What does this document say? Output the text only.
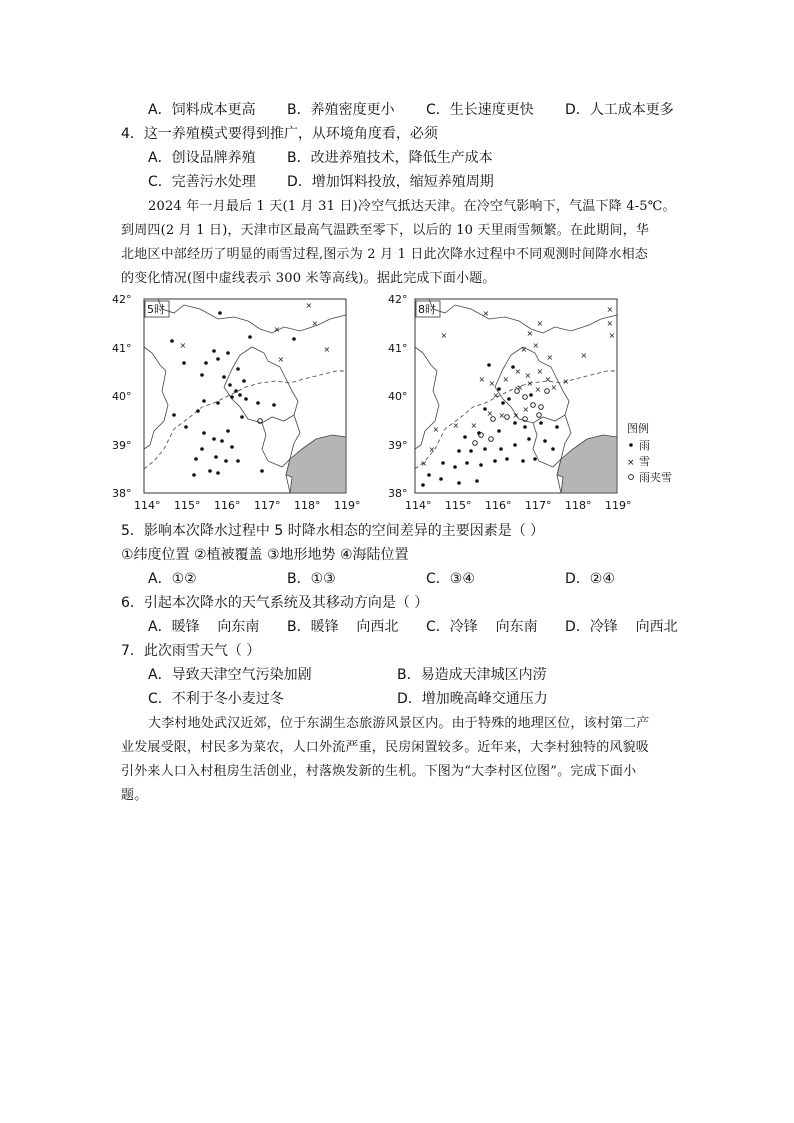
A．饲料成本更高 B．养殖密度更小 C．生长速度更快 D．人工成本更多
4．这一养殖模式要得到推广，从环境角度看，必须
A．创设品牌养殖 B．改进养殖技术，降低生产成本
C．完善污水处理 D．增加饵料投放，缩短养殖周期
2024 年一月最后 1 天(1 月 31 日)冷空气抵达天津。在冷空气影响下，气温下降 4-5℃。
到周四(2 月 1 日)，天津市区最高气温跌至零下，以后的 10 天里雨雪频繁。在此期间，华
北地区中部经历了明显的雨雪过程,图示为 2 月 1 日此次降水过程中不同观测时间降水相态
的变化情况(图中虚线表示 300 米等高线)。据此完成下面小题。
5时
×
×
×
×
×
×
8时	×
×
× ×
×	×
×
×
×
×
× × ×
×
×
×
×
×
×
× ×
×
× × ×
×
×
×
×
×
×
×
×
42°
41°
40°
39°
38°
114° 115° 116° 117° 118° 119°
42°
41°
40°
39°
38°
114° 115° 116° 117° 118° 119°
图例
雨
× 雪
雨夹雪
5．影响本次降水过程中 5 时降水相态的空间差异的主要因素是（ ）
①纬度位置 ②植被覆盖 ③地形地势 ④海陆位置
A．①②	B．①③	C．③④	D．②④
6．引起本次降水的天气系统及其移动方向是（ ）
A．暖锋    向东南 B．暖锋    向西北 C．冷锋    向东南 D．冷锋    向西北
7．此次雨雪天气（ ）
A．导致天津空气污染加剧	B．易造成天津城区内涝
C．不利于冬小麦过冬	D．增加晚高峰交通压力
大李村地处武汉近郊，位于东湖生态旅游风景区内。由于特殊的地理区位，该村第二产
业发展受限，村民多为菜农，人口外流严重，民房闲置较多。近年来，大李村独特的风貌吸
引外来人口入村租房生活创业，村落焕发新的生机。下图为“大李村区位图”。完成下面小
题。
